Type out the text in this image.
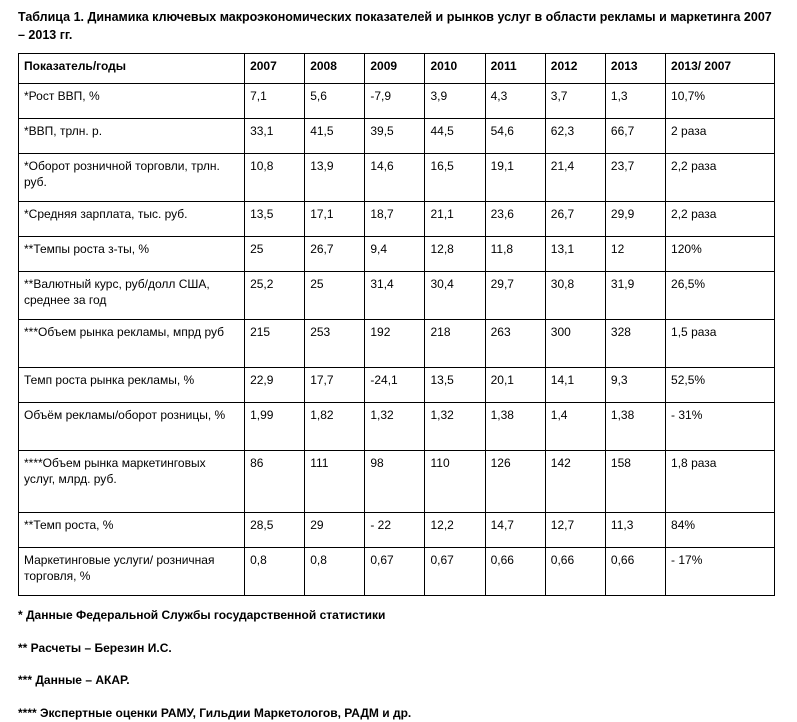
Таблица 1. Динамика ключевых макроэкономических показателей и рынков услуг в области рекламы и маркетинга 2007 – 2013 гг.
Показатель/годы	2007	2008	2009	2010	2011	2012	2013	2013/ 2007
*Рост ВВП, %	7,1	5,6	-7,9	3,9	4,3	3,7	1,3	10,7%
*ВВП, трлн. р.	33,1	41,5	39,5	44,5	54,6	62,3	66,7	2 раза
*Оборот розничной торговли, трлн. руб.	10,8	13,9	14,6	16,5	19,1	21,4	23,7	2,2 раза
*Средняя зарплата, тыс. руб.	13,5	17,1	18,7	21,1	23,6	26,7	29,9	2,2 раза
**Темпы роста з-ты, %	25	26,7	9,4	12,8	11,8	13,1	12	120%
**Валютный курс, руб/долл США, среднее за год	25,2	25	31,4	30,4	29,7	30,8	31,9	26,5%
***Объем рынка рекламы, мпрд руб	215	253	192	218	263	300	328	1,5 раза
Темп роста рынка рекламы, %	22,9	17,7	-24,1	13,5	20,1	14,1	9,3	52,5%
Объём рекламы/оборот розницы, %	1,99	1,82	1,32	1,32	1,38	1,4	1,38	- 31%
****Объем рынка маркетинговых услуг, млрд. руб.	86	111	98	110	126	142	158	1,8 раза
**Темп роста, %	28,5	29	- 22	12,2	14,7	12,7	11,3	84%
Маркетинговые услуги/ розничная торговля, %	0,8	0,8	0,67	0,67	0,66	0,66	0,66	- 17%
* Данные Федеральной Службы государственной статистики
** Расчеты – Березин И.С.
*** Данные – АКАР.
**** Экспертные оценки РАМУ, Гильдии Маркетологов, РАДМ и др.
